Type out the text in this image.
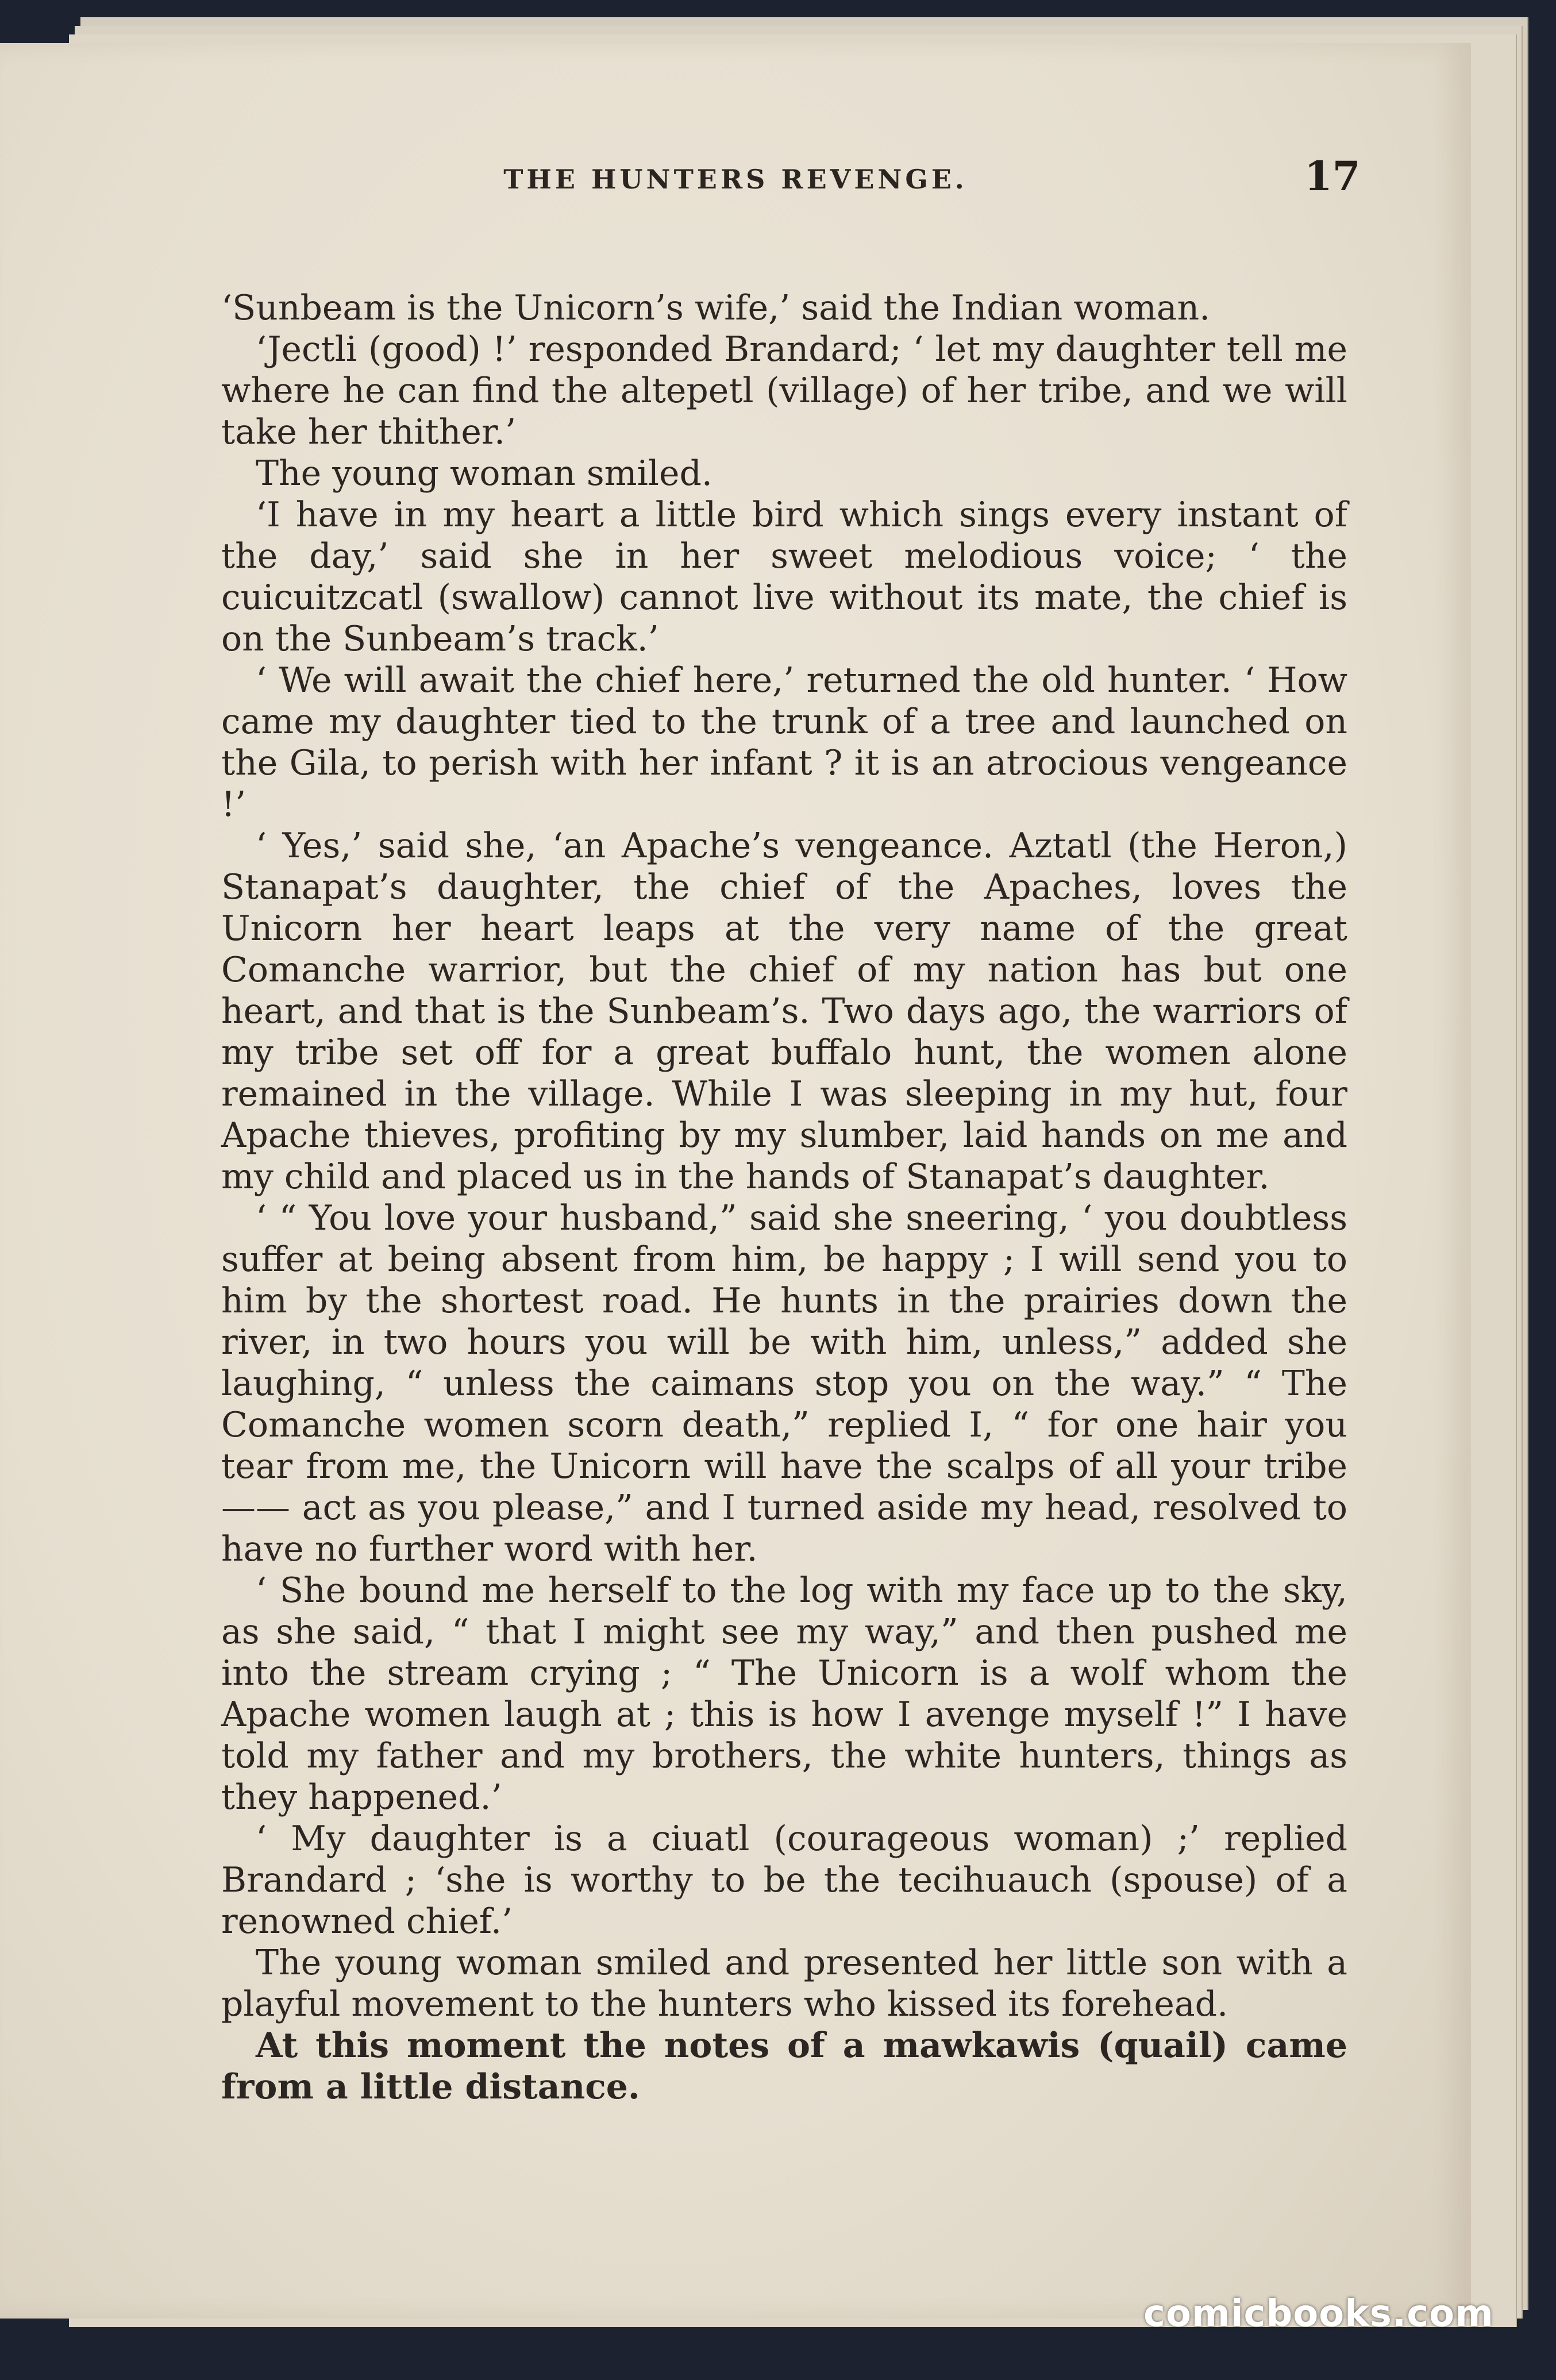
THE HUNTERS REVENGE.	17

‘Sunbeam is the Unicorn’s wife,’ said the Indian woman.

‘Jectli (good) !’ responded Brandard; ‘ let my daughter tell me where he can find the altepetl (village) of her tribe, and we will take her thither.’

The young woman smiled.

‘I have in my heart a little bird which sings every instant of the day,’ said she in her sweet melodious voice; ‘ the cuicuitzcatl (swallow) cannot live without its mate, the chief is on the Sunbeam’s track.’

‘ We will await the chief here,’ returned the old hunter. ‘ How came my daughter tied to the trunk of a tree and launched on the Gila, to perish with her infant ? it is an atrocious vengeance !’

‘ Yes,’ said she, ‘an Apache’s vengeance. Aztatl (the Heron,) Stanapat’s daughter, the chief of the Apaches, loves the Unicorn her heart leaps at the very name of the great Comanche warrior, but the chief of my nation has but one heart, and that is the Sunbeam’s. Two days ago, the warriors of my tribe set off for a great buffalo hunt, the women alone remained in the village. While I was sleeping in my hut, four Apache thieves, profiting by my slumber, laid hands on me and my child and placed us in the hands of Stanapat’s daughter.

‘ “ You love your husband,” said she sneering, ‘ you doubtless suffer at being absent from him, be happy ; I will send you to him by the shortest road. He hunts in the prairies down the river, in two hours you will be with him, unless,” added she laughing, “ unless the caimans stop you on the way.” “ The Comanche women scorn death,” replied I, “ for one hair you tear from me, the Unicorn will have the scalps of all your tribe—— act as you please,” and I turned aside my head, resolved to have no further word with her.

‘ She bound me herself to the log with my face up to the sky, as she said, “ that I might see my way,” and then pushed me into the stream crying ; “ The Unicorn is a wolf whom the Apache women laugh at ; this is how I avenge myself !” I have told my father and my brothers, the white hunters, things as they happened.’

‘ My daughter is a ciuatl (courageous woman) ;’ replied Brandard ; ‘she is worthy to be the tecihuauch (spouse) of a renowned chief.’

The young woman smiled and presented her little son with a playful movement to the hunters who kissed its forehead.

At this moment the notes of a mawkawis (quail) came from a little distance.

comicbooks.com
